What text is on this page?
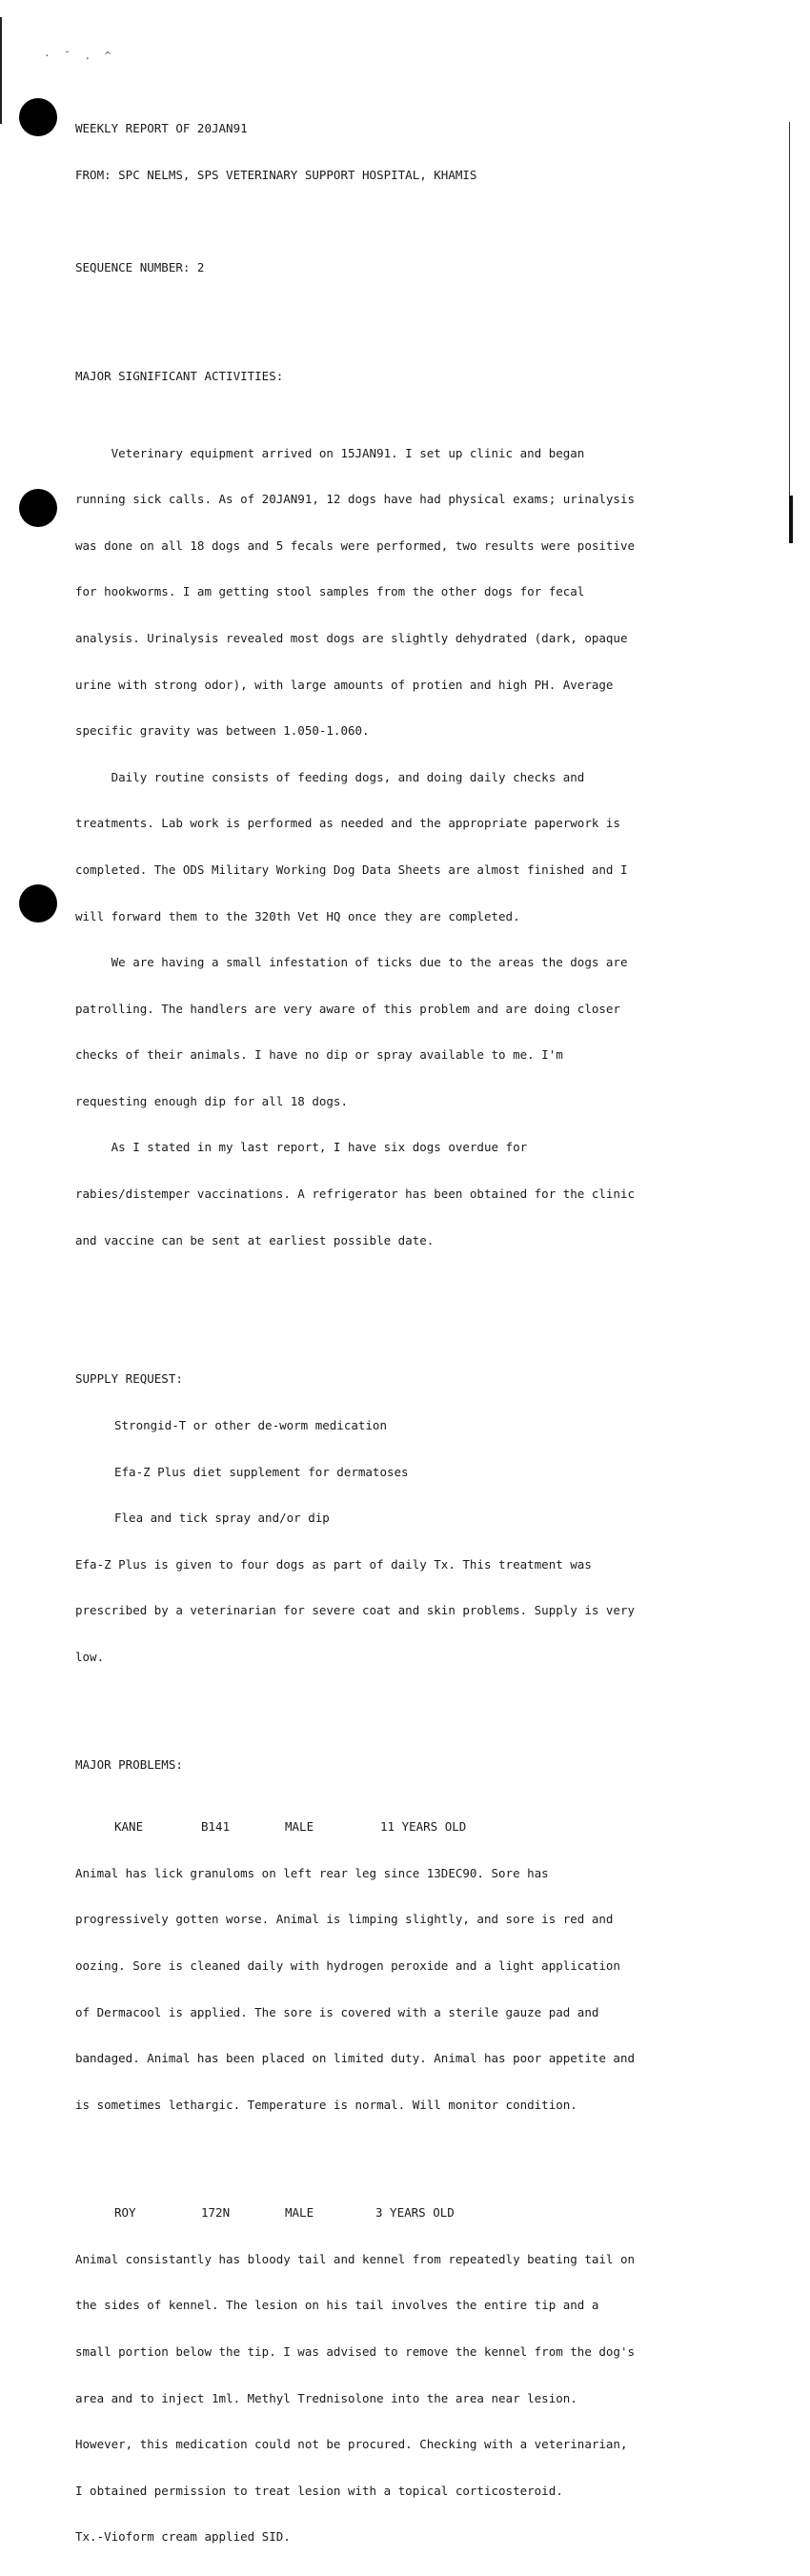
· ˘ . ^

WEEKLY REPORT OF 20JAN91

FROM: SPC NELMS, SPS VETERINARY SUPPORT HOSPITAL, KHAMIS

SEQUENCE NUMBER: 2

MAJOR SIGNIFICANT ACTIVITIES:

Veterinary equipment arrived on 15JAN91. I set up clinic and began

running sick calls. As of 20JAN91, 12 dogs have had physical exams; urinalysis

was done on all 18 dogs and 5 fecals were performed, two results were positive

for hookworms. I am getting stool samples from the other dogs for fecal

analysis. Urinalysis revealed most dogs are slightly dehydrated (dark, opaque

urine with strong odor), with large amounts of protien and high PH. Average

specific gravity was between 1.050-1.060.

Daily routine consists of feeding dogs, and doing daily checks and

treatments. Lab work is performed as needed and the appropriate paperwork is

completed. The ODS Military Working Dog Data Sheets are almost finished and I

will forward them to the 320th Vet HQ once they are completed.

We are having a small infestation of ticks due to the areas the dogs are

patrolling. The handlers are very aware of this problem and are doing closer

checks of their animals. I have no dip or spray available to me. I'm

requesting enough dip for all 18 dogs.

As I stated in my last report, I have six dogs overdue for

rabies/distemper vaccinations. A refrigerator has been obtained for the clinic

and vaccine can be sent at earliest possible date.

SUPPLY REQUEST:

Strongid-T or other de-worm medication

Efa-Z Plus diet supplement for dermatoses

Flea and tick spray and/or dip

Efa-Z Plus is given to four dogs as part of daily Tx. This treatment was

prescribed by a veterinarian for severe coat and skin problems. Supply is very

low.

MAJOR PROBLEMS:

KANE	B141	MALE	11 YEARS OLD

Animal has lick granuloms on left rear leg since 13DEC90. Sore has

progressively gotten worse. Animal is limping slightly, and sore is red and

oozing. Sore is cleaned daily with hydrogen peroxide and a light application

of Dermacool is applied. The sore is covered with a sterile gauze pad and

bandaged. Animal has been placed on limited duty. Animal has poor appetite and

is sometimes lethargic. Temperature is normal. Will monitor condition.

ROY	172N	MALE	3 YEARS OLD

Animal consistantly has bloody tail and kennel from repeatedly beating tail on

the sides of kennel. The lesion on his tail involves the entire tip and a

small portion below the tip. I was advised to remove the kennel from the dog's

area and to inject 1ml. Methyl Trednisolone into the area near lesion.

However, this medication could not be procured. Checking with a veterinarian,

I obtained permission to treat lesion with a topical corticosteroid.

Tx.-Vioform cream applied SID.
